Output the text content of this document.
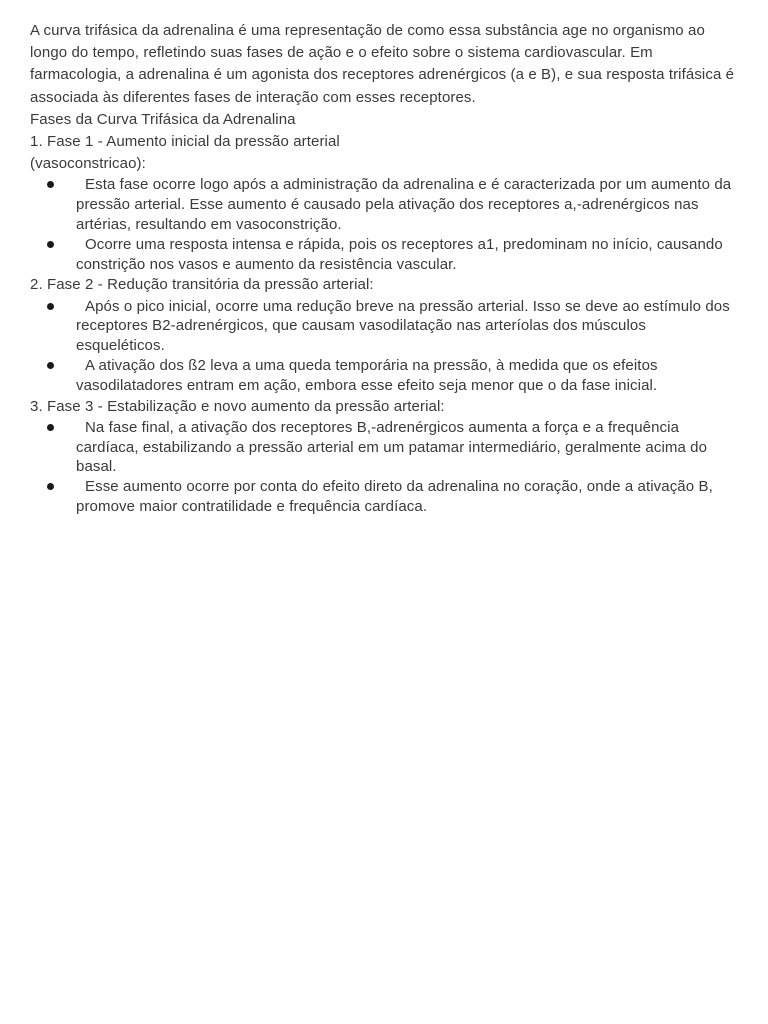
A curva trifásica da adrenalina é uma representação de como essa substância age no organismo ao longo do tempo, refletindo suas fases de ação e o efeito sobre o sistema cardiovascular. Em farmacologia, a adrenalina é um agonista dos receptores adrenérgicos (a e B), e sua resposta trifásica é associada às diferentes fases de interação com esses receptores.

Fases da Curva Trifásica da Adrenalina

1. Fase 1 - Aumento inicial da pressão arterial
(vasoconstricao):

Esta fase ocorre logo após a administração da adrenalina e é caracterizada por um aumento da pressão arterial. Esse aumento é causado pela ativação dos receptores a,-adrenérgicos nas artérias, resultando em vasoconstrição.
Ocorre uma resposta intensa e rápida, pois os receptores a1, predominam no início, causando constrição nos vasos e aumento da resistência vascular.

2. Fase 2 - Redução transitória da pressão arterial:

Após o pico inicial, ocorre uma redução breve na pressão arterial. Isso se deve ao estímulo dos receptores B2-adrenérgicos, que causam vasodilatação nas arteríolas dos músculos esqueléticos.
A ativação dos ß2 leva a uma queda temporária na pressão, à medida que os efeitos vasodilatadores entram em ação, embora esse efeito seja menor que o da fase inicial.

3. Fase 3 - Estabilização e novo aumento da pressão arterial:

Na fase final, a ativação dos receptores B,-adrenérgicos aumenta a força e a frequência cardíaca, estabilizando a pressão arterial em um patamar intermediário, geralmente acima do basal.
Esse aumento ocorre por conta do efeito direto da adrenalina no coração, onde a ativação B, promove maior contratilidade e frequência cardíaca.
